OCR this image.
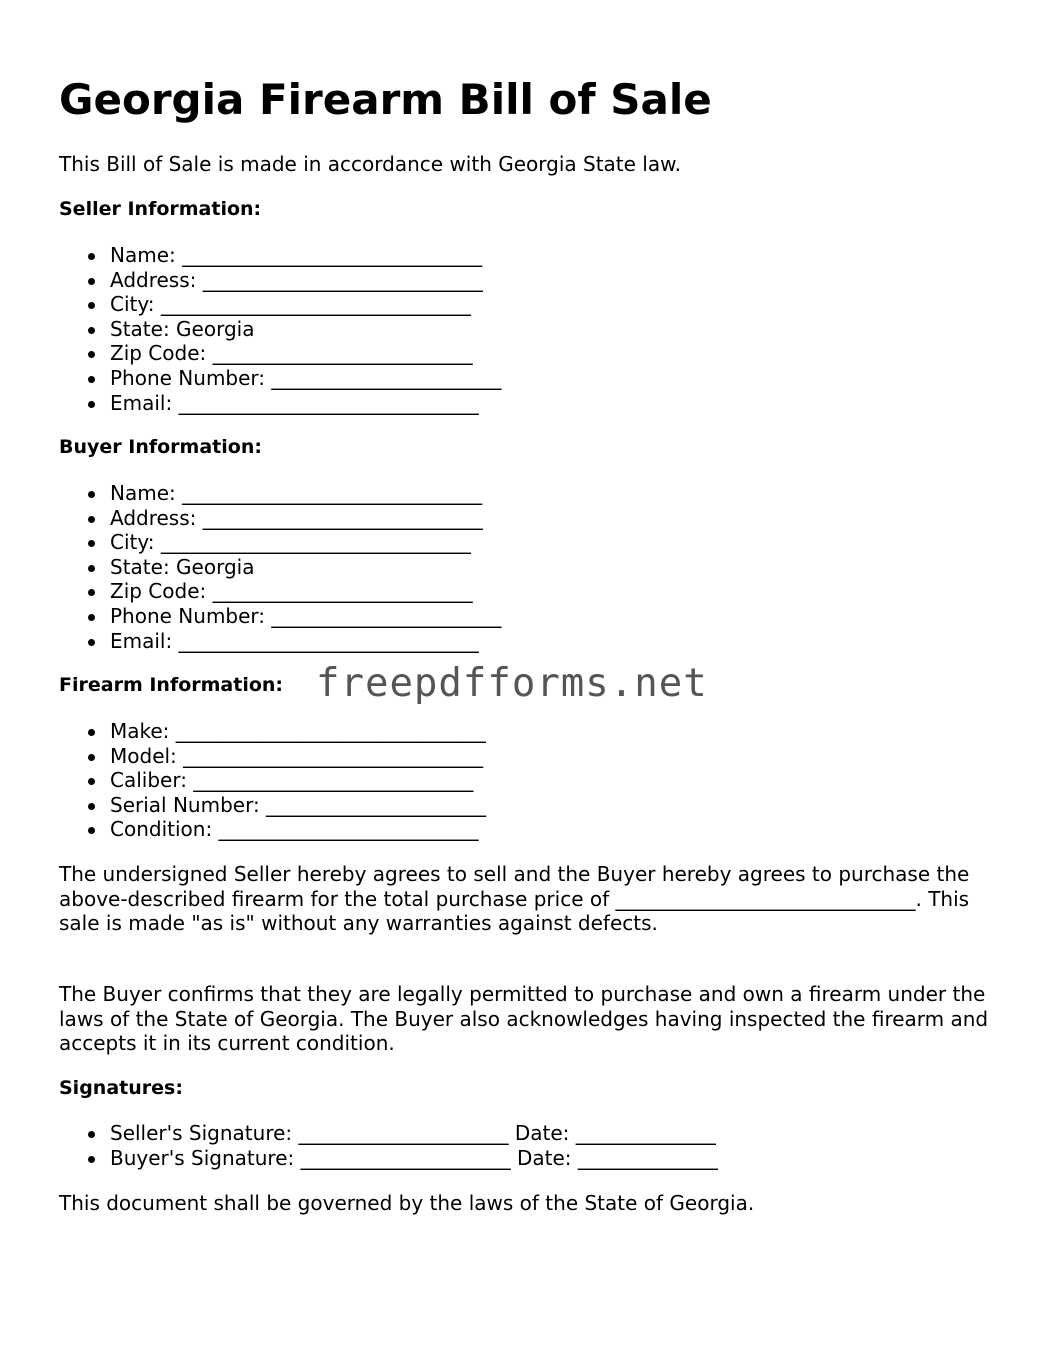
Georgia Firearm Bill of Sale

This Bill of Sale is made in accordance with Georgia State law.

Seller Information:

Name: ______________________________
Address: ____________________________
City: _______________________________
State: Georgia
Zip Code: __________________________
Phone Number: _______________________
Email: ______________________________

Buyer Information:

Name: ______________________________
Address: ____________________________
City: _______________________________
State: Georgia
Zip Code: __________________________
Phone Number: _______________________
Email: ______________________________

Firearm Information:

Make: _______________________________
Model: ______________________________
Caliber: ____________________________
Serial Number: ______________________
Condition: __________________________

The undersigned Seller hereby agrees to sell and the Buyer hereby agrees to purchase the above-described firearm for the total purchase price of ______________________________. This sale is made "as is" without any warranties against defects.

The Buyer confirms that they are legally permitted to purchase and own a firearm under the laws of the State of Georgia. The Buyer also acknowledges having inspected the firearm and accepts it in its current condition.

Signatures:

Seller's Signature: _____________________ Date: ______________
Buyer's Signature: _____________________ Date: ______________

This document shall be governed by the laws of the State of Georgia.

freepdfforms.net
